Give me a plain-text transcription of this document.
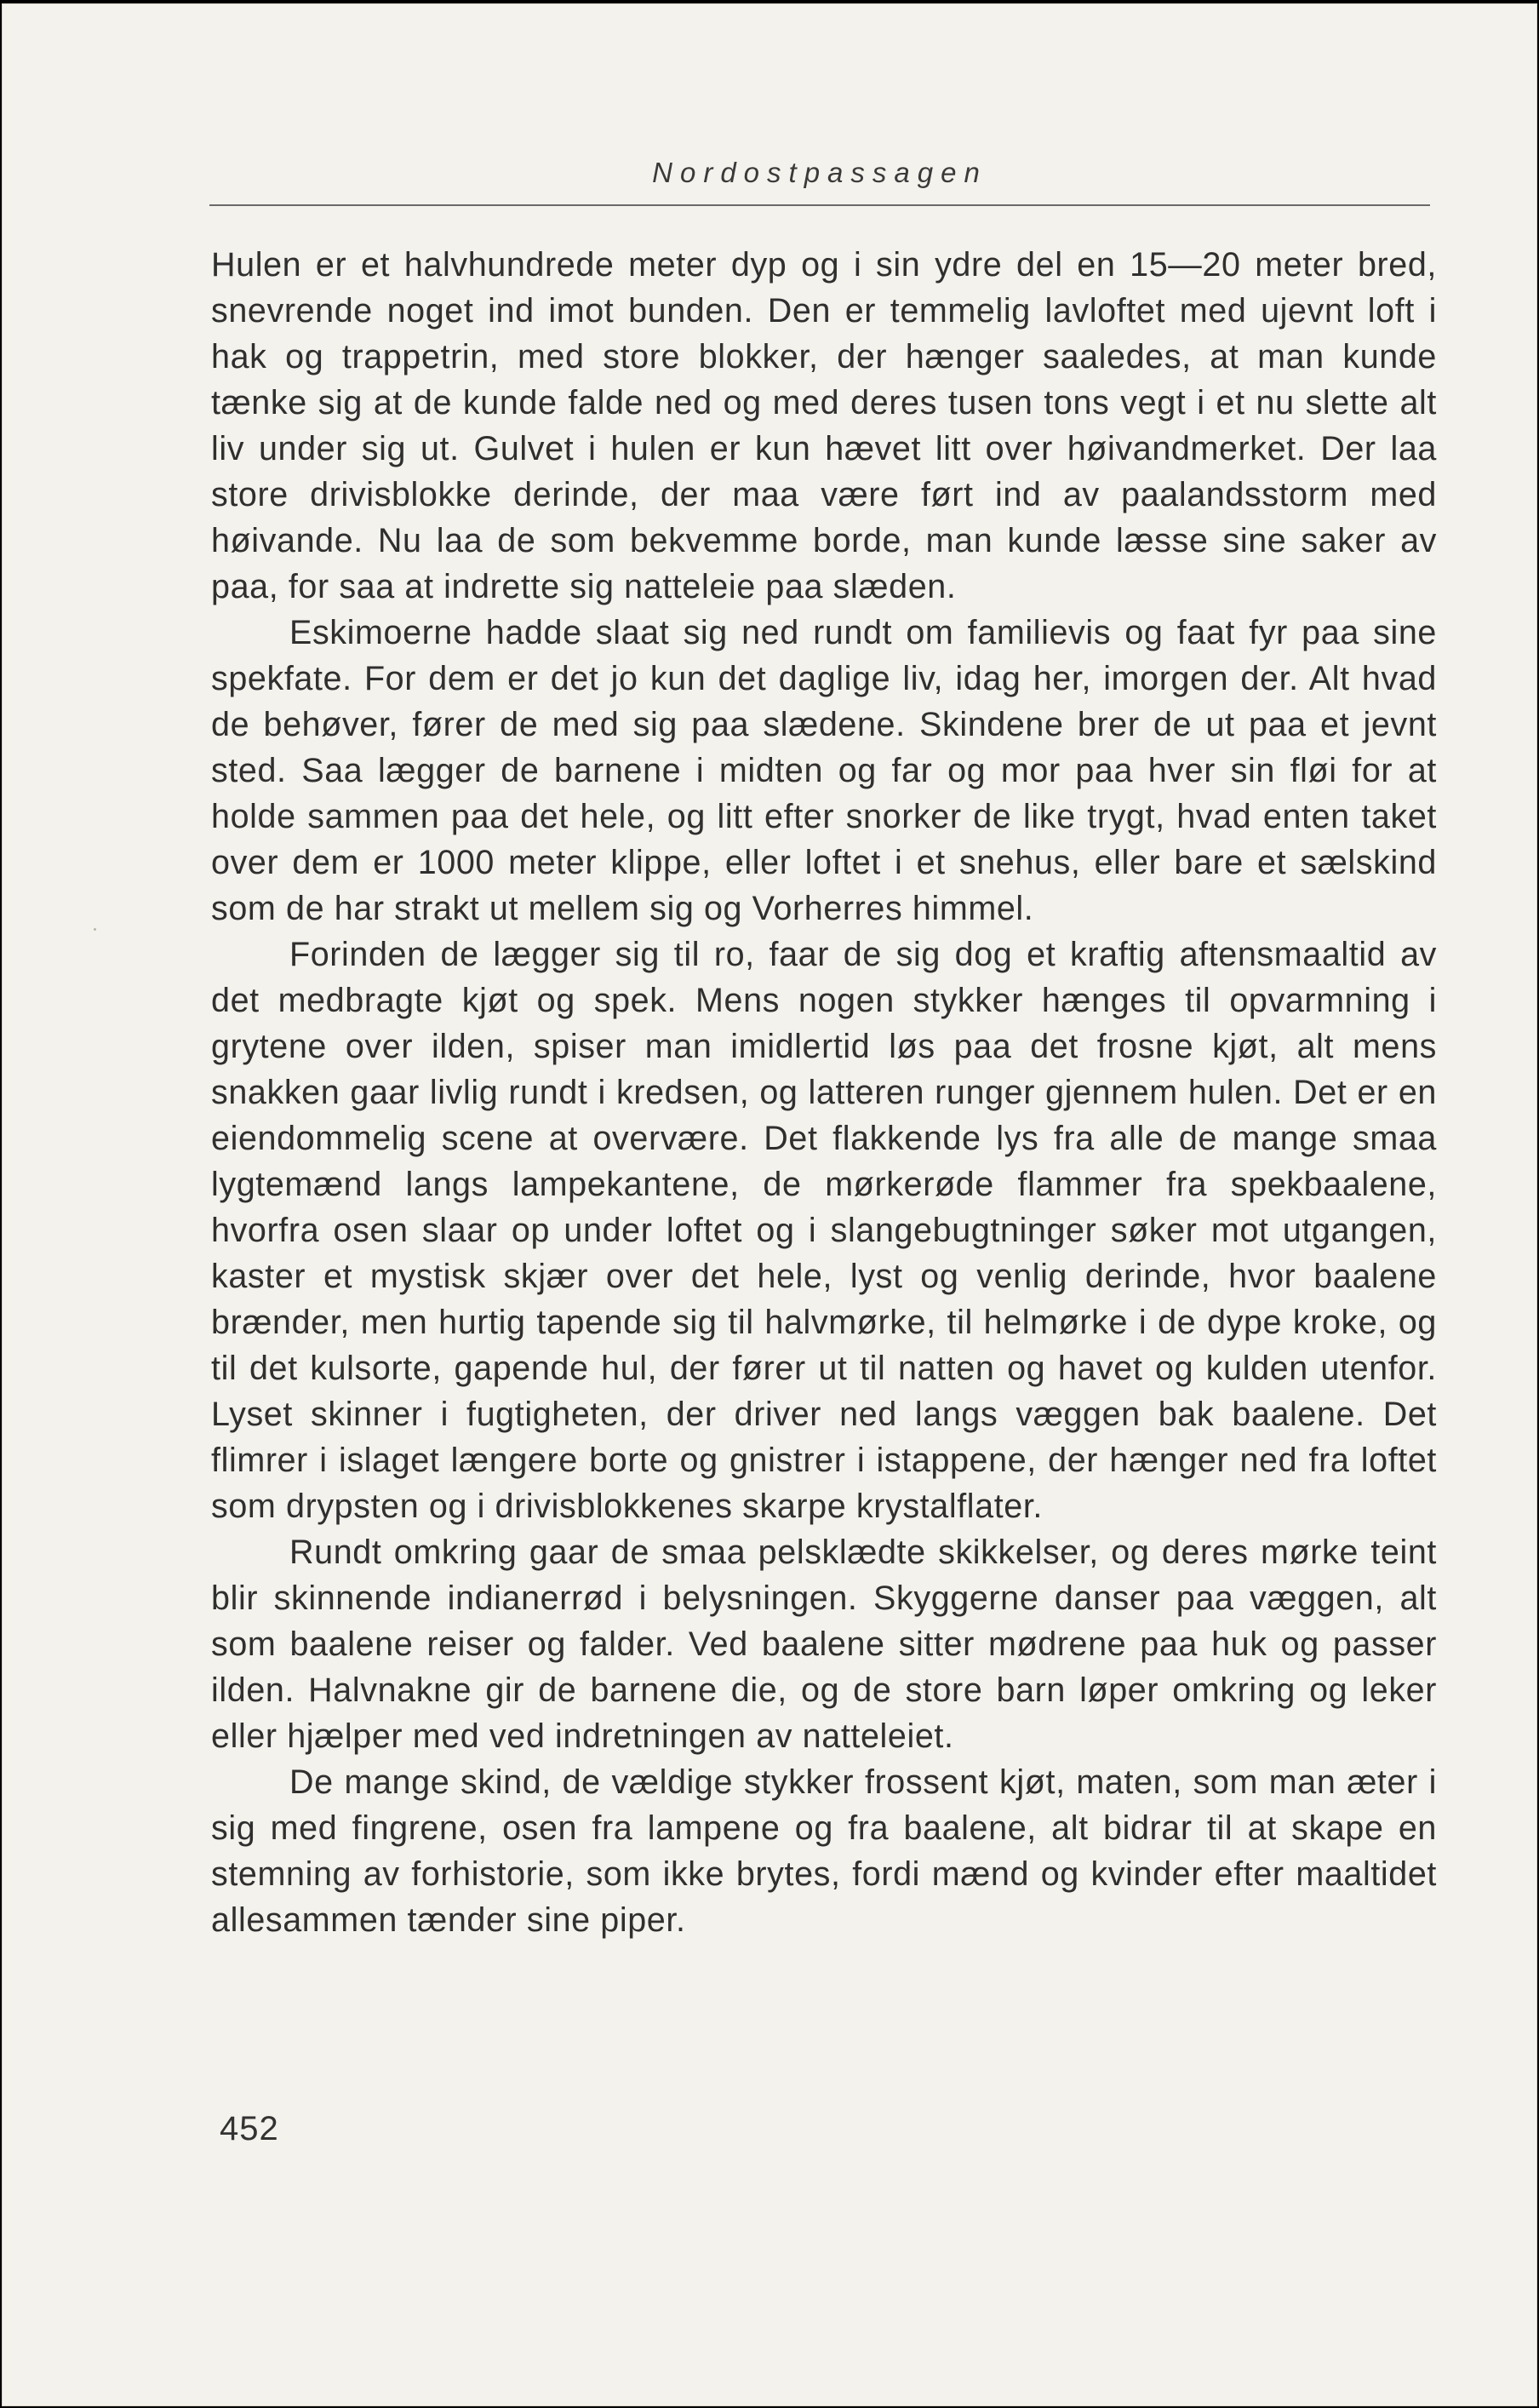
Nordostpassagen

Hulen er et halvhundrede meter dyp og i sin ydre del en 15—20 meter bred, snevrende noget ind imot bunden. Den er temmelig lavloftet med ujevnt loft i hak og trappetrin, med store blokker, der hænger saaledes, at man kunde tænke sig at de kunde falde ned og med deres tusen tons vegt i et nu slette alt liv under sig ut. Gulvet i hulen er kun hævet litt over høivandmerket. Der laa store drivisblokke derinde, der maa være ført ind av paalandsstorm med høivande. Nu laa de som bekvemme borde, man kunde læsse sine saker av paa, for saa at indrette sig natteleie paa slæden.

Eskimoerne hadde slaat sig ned rundt om familievis og faat fyr paa sine spekfate. For dem er det jo kun det daglige liv, idag her, imorgen der. Alt hvad de behøver, fører de med sig paa slædene. Skindene brer de ut paa et jevnt sted. Saa lægger de barnene i midten og far og mor paa hver sin fløi for at holde sammen paa det hele, og litt efter snorker de like trygt, hvad enten taket over dem er 1000 meter klippe, eller loftet i et snehus, eller bare et sælskind som de har strakt ut mellem sig og Vorherres himmel.

Forinden de lægger sig til ro, faar de sig dog et kraftig aftensmaaltid av det medbragte kjøt og spek. Mens nogen stykker hænges til opvarmning i grytene over ilden, spiser man imidlertid løs paa det frosne kjøt, alt mens snakken gaar livlig rundt i kredsen, og latteren runger gjennem hulen. Det er en eiendommelig scene at overvære. Det flakkende lys fra alle de mange smaa lygtemænd langs lampekantene, de mørkerøde flammer fra spekbaalene, hvorfra osen slaar op under loftet og i slangebugtninger søker mot utgangen, kaster et mystisk skjær over det hele, lyst og venlig derinde, hvor baalene brænder, men hurtig tapende sig til halvmørke, til helmørke i de dype kroke, og til det kulsorte, gapende hul, der fører ut til natten og havet og kulden utenfor. Lyset skinner i fugtigheten, der driver ned langs væggen bak baalene. Det flimrer i islaget længere borte og gnistrer i istappene, der hænger ned fra loftet som drypsten og i drivisblokkenes skarpe krystalflater.

Rundt omkring gaar de smaa pelsklædte skikkelser, og deres mørke teint blir skinnende indianerrød i belysningen. Skyggerne danser paa væggen, alt som baalene reiser og falder. Ved baalene sitter mødrene paa huk og passer ilden. Halvnakne gir de barnene die, og de store barn løper omkring og leker eller hjælper med ved indretningen av natteleiet.

De mange skind, de vældige stykker frossent kjøt, maten, som man æter i sig med fingrene, osen fra lampene og fra baalene, alt bidrar til at skape en stemning av forhistorie, som ikke brytes, fordi mænd og kvinder efter maaltidet allesammen tænder sine piper.

452
